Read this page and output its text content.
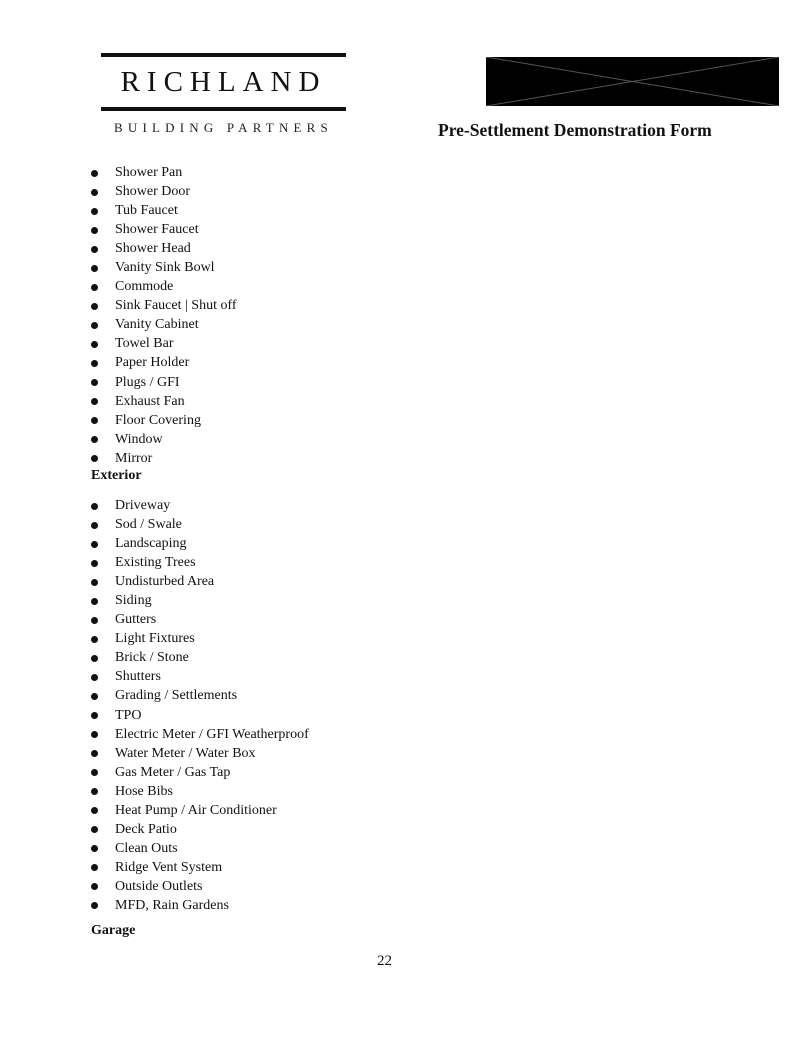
RICHLAND
BUILDING PARTNERS	Pre-Settlement Demonstration Form
Shower Pan
Shower Door
Tub Faucet
Shower Faucet
Shower Head
Vanity Sink Bowl
Commode
Sink Faucet | Shut off
Vanity Cabinet
Towel Bar
Paper Holder
Plugs / GFI
Exhaust Fan
Floor Covering
Window
Mirror
Exterior
Driveway
Sod / Swale
Landscaping
Existing Trees
Undisturbed Area
Siding
Gutters
Light Fixtures
Brick / Stone
Shutters
Grading / Settlements
TPO
Electric Meter / GFI Weatherproof
Water Meter / Water Box
Gas Meter / Gas Tap
Hose Bibs
Heat Pump / Air Conditioner
Deck Patio
Clean Outs
Ridge Vent System
Outside Outlets
MFD, Rain Gardens
Garage
22
